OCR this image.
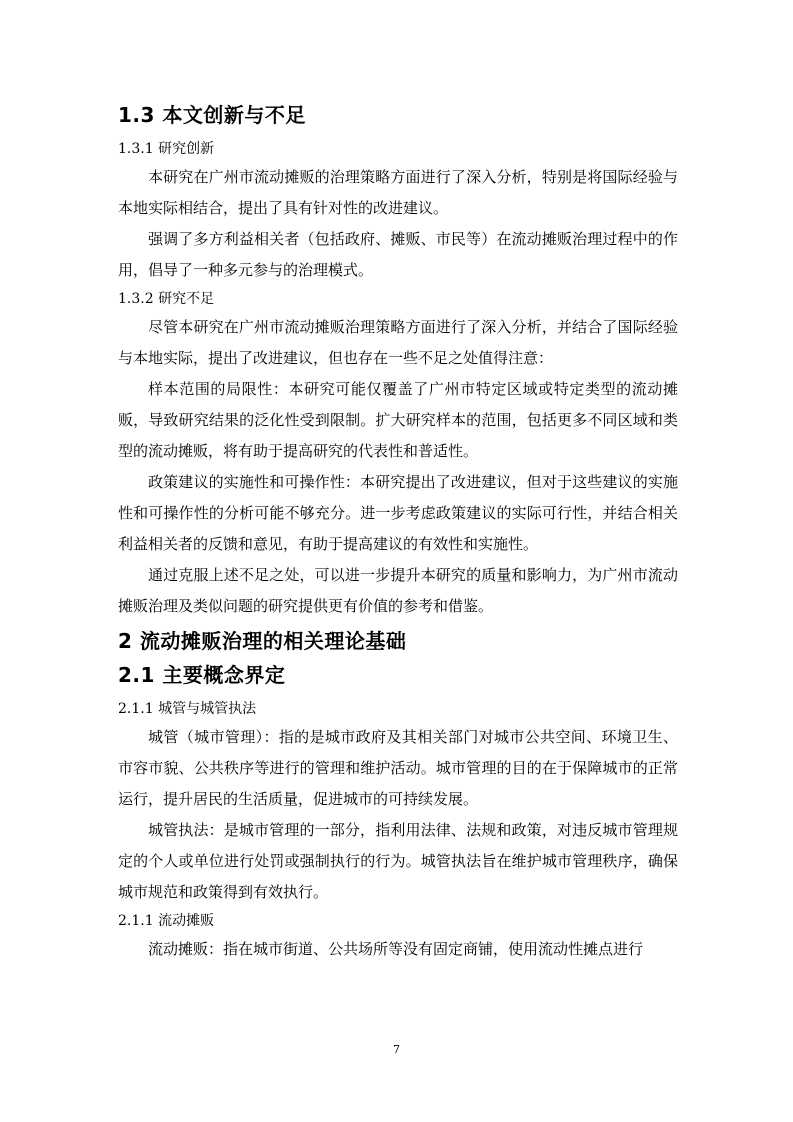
1.3 本文创新与不足
1.3.1 研究创新

本研究在广州市流动摊贩的治理策略方面进行了深入分析，特别是将国际经验与本地实际相结合，提出了具有针对性的改进建议。

强调了多方利益相关者（包括政府、摊贩、市民等）在流动摊贩治理过程中的作用，倡导了一种多元参与的治理模式。

1.3.2 研究不足

尽管本研究在广州市流动摊贩治理策略方面进行了深入分析，并结合了国际经验与本地实际，提出了改进建议，但也存在一些不足之处值得注意：

样本范围的局限性：本研究可能仅覆盖了广州市特定区域或特定类型的流动摊贩，导致研究结果的泛化性受到限制。扩大研究样本的范围，包括更多不同区域和类型的流动摊贩，将有助于提高研究的代表性和普适性。

政策建议的实施性和可操作性：本研究提出了改进建议，但对于这些建议的实施性和可操作性的分析可能不够充分。进一步考虑政策建议的实际可行性，并结合相关利益相关者的反馈和意见，有助于提高建议的有效性和实施性。

通过克服上述不足之处，可以进一步提升本研究的质量和影响力，为广州市流动摊贩治理及类似问题的研究提供更有价值的参考和借鉴。

2 流动摊贩治理的相关理论基础
2.1 主要概念界定
2.1.1 城管与城管执法

城管（城市管理）：指的是城市政府及其相关部门对城市公共空间、环境卫生、市容市貌、公共秩序等进行的管理和维护活动。城市管理的目的在于保障城市的正常运行，提升居民的生活质量，促进城市的可持续发展。

城管执法：是城市管理的一部分，指利用法律、法规和政策，对违反城市管理规定的个人或单位进行处罚或强制执行的行为。城管执法旨在维护城市管理秩序，确保城市规范和政策得到有效执行。

2.1.1 流动摊贩

流动摊贩：指在城市街道、公共场所等没有固定商铺，使用流动性摊点进行

7
